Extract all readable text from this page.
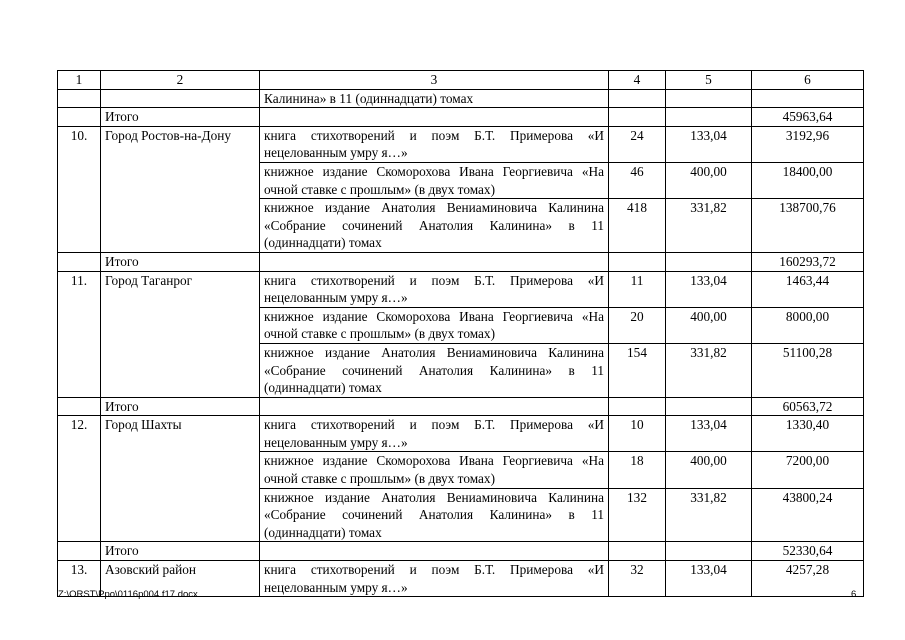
1	2	3	4	5	6
		Калинина» в 11 (одиннадцати) томах			
	Итого				45963,64
10.	Город Ростов-на-Дону	книга стихотворений и поэм Б.Т. Примерова «И нецелованным умру я…»	24	133,04	3192,96
		книжное издание Скоморохова Ивана Георгиевича «На очной ставке с прошлым» (в двух томах)	46	400,00	18400,00
		книжное издание Анатолия Вениаминовича Калинина «Собрание сочинений Анатолия Калинина» в 11 (одиннадцати) томах	418	331,82	138700,76
	Итого				160293,72
11.	Город Таганрог	книга стихотворений и поэм Б.Т. Примерова «И нецелованным умру я…»	11	133,04	1463,44
		книжное издание Скоморохова Ивана Георгиевича «На очной ставке с прошлым» (в двух томах)	20	400,00	8000,00
		книжное издание Анатолия Вениаминовича Калинина «Собрание сочинений Анатолия Калинина» в 11 (одиннадцати) томах	154	331,82	51100,28
	Итого				60563,72
12.	Город Шахты	книга стихотворений и поэм Б.Т. Примерова «И нецелованным умру я…»	10	133,04	1330,40
		книжное издание Скоморохова Ивана Георгиевича «На очной ставке с прошлым» (в двух томах)	18	400,00	7200,00
		книжное издание Анатолия Вениаминовича Калинина «Собрание сочинений Анатолия Калинина» в 11 (одиннадцати) томах	132	331,82	43800,24
	Итого				52330,64
13.	Азовский район	книга стихотворений и поэм Б.Т. Примерова «И нецелованным умру я…»	32	133,04	4257,28
Z:\ORST\Ppo\0116p004.f17.docx	6
